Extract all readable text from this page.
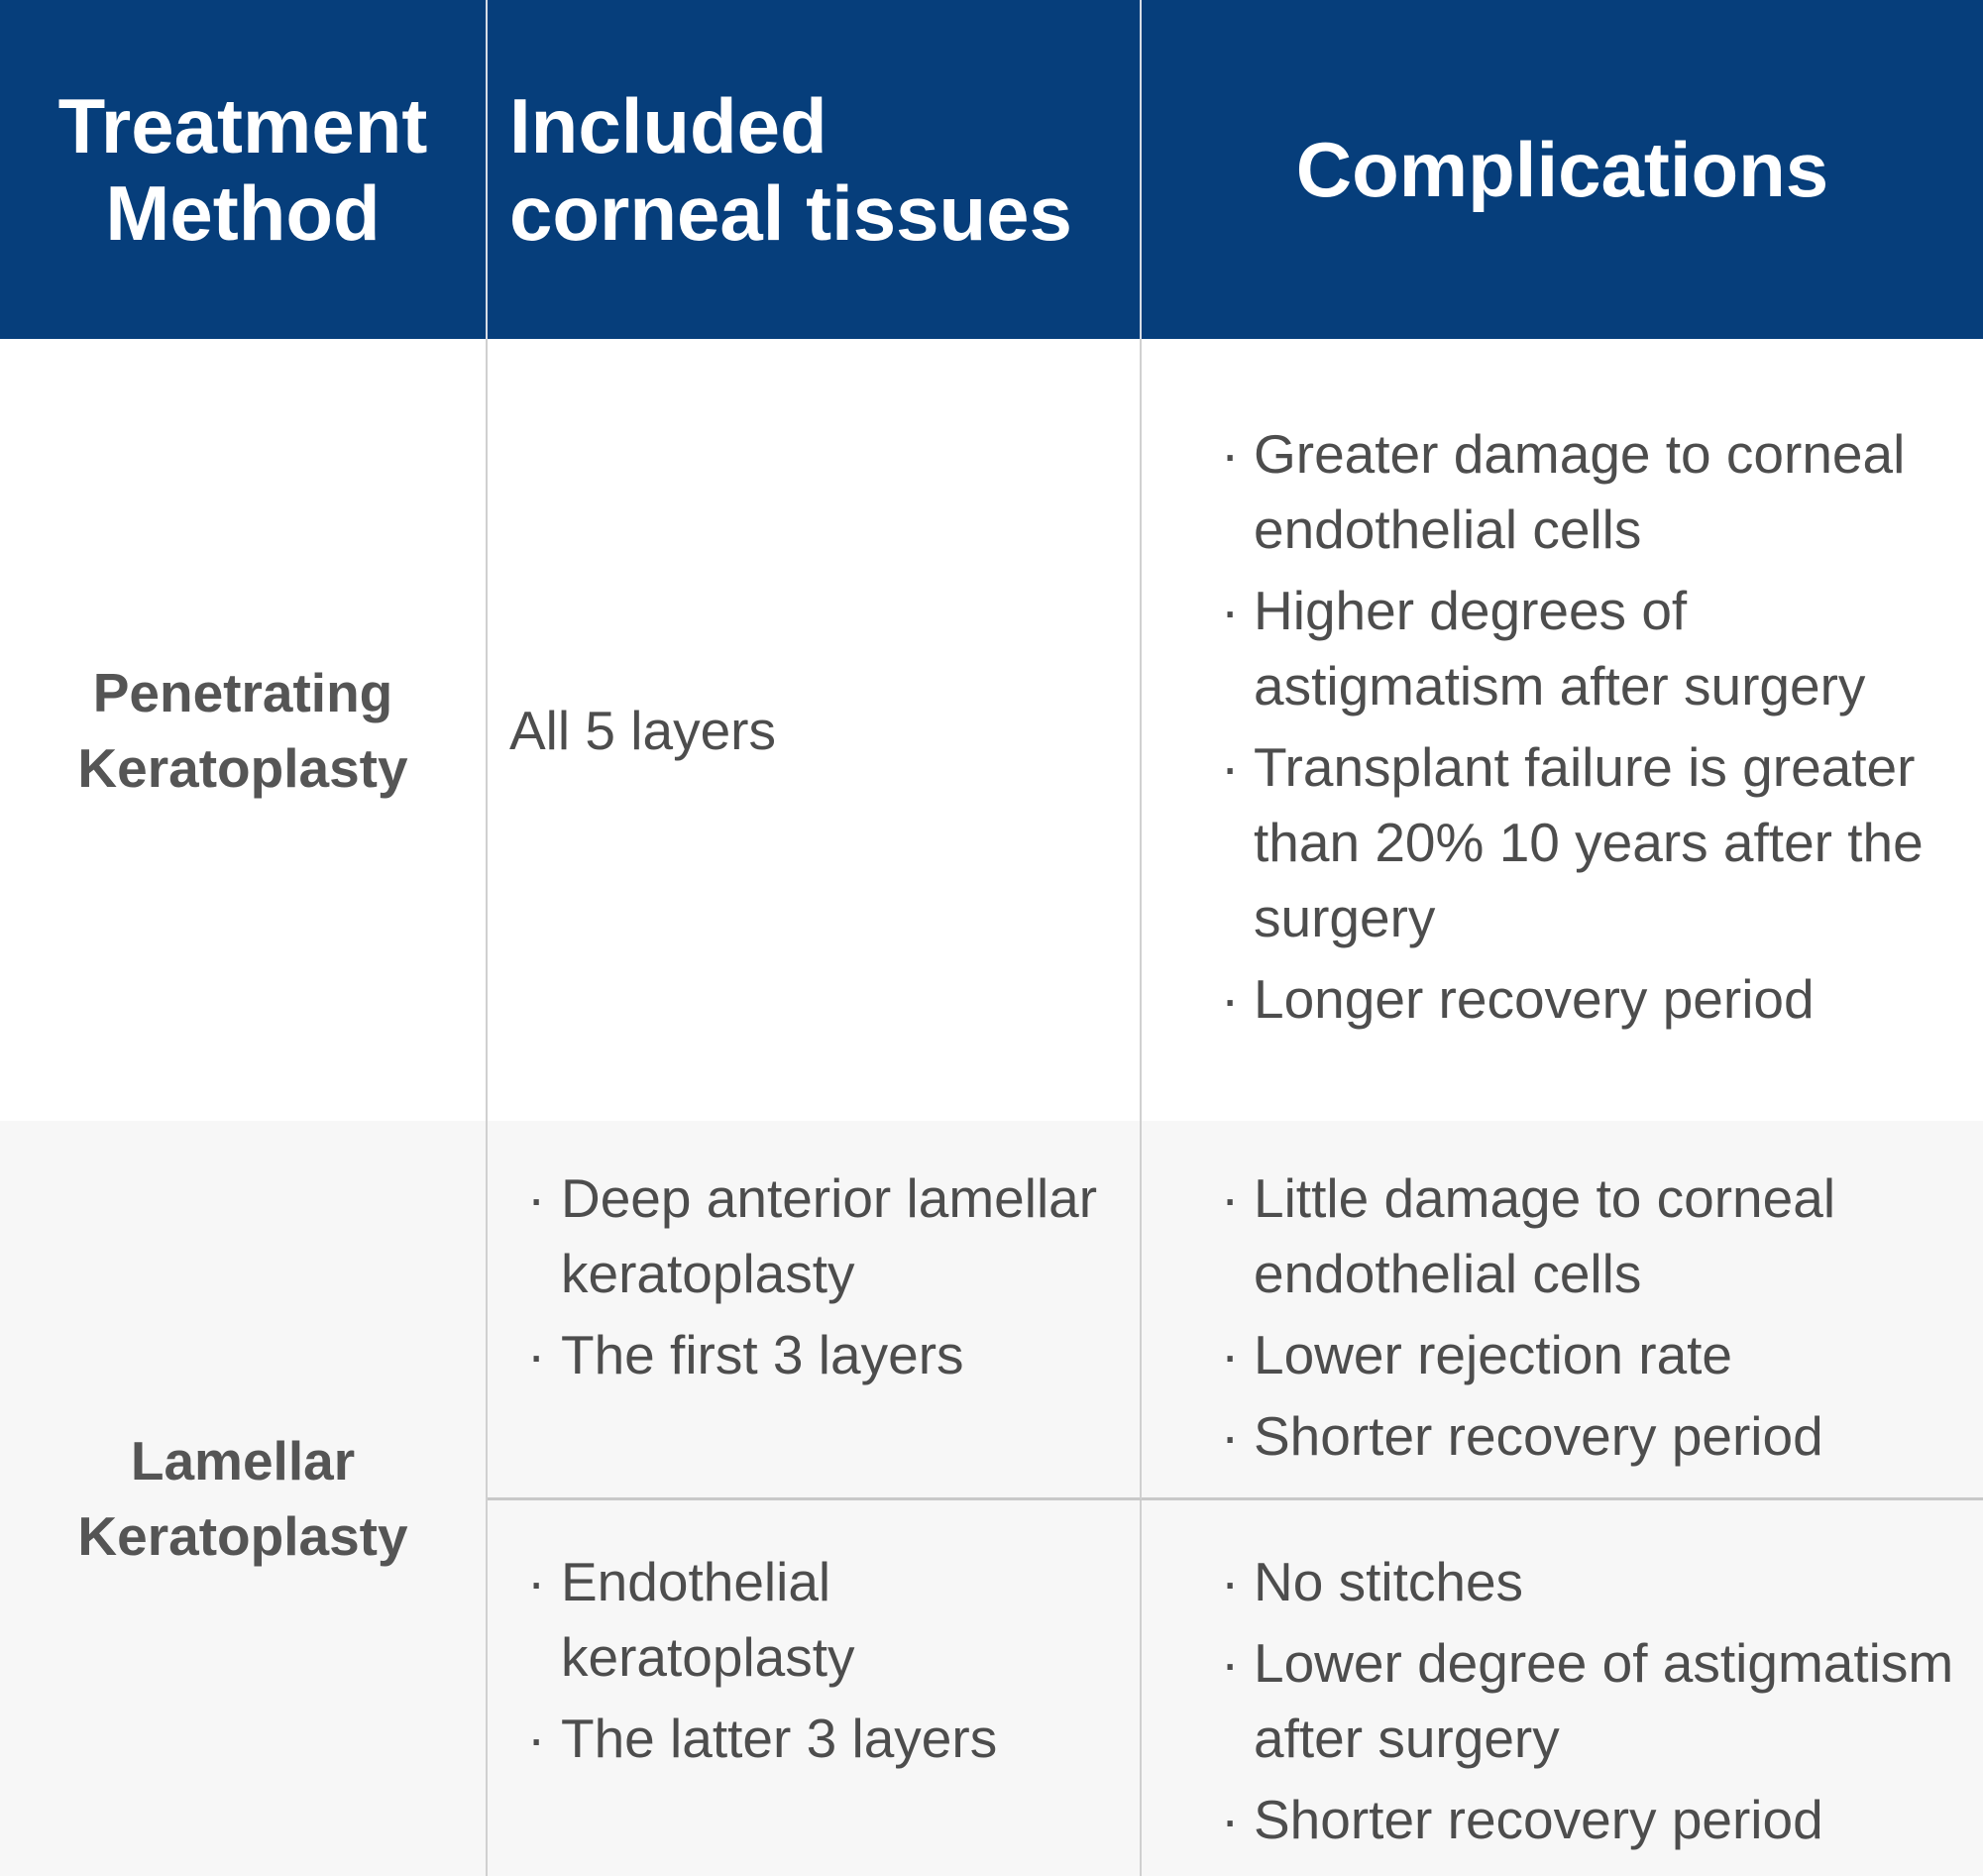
Treatment
Method
Included
corneal tissues	Complications
Penetrating
Keratoplasty
All 5 layers
· Greater damage to corneal endothelial cells
· Higher degrees of astigmatism after surgery
· Transplant failure is greater than 20% 10 years after the surgery
· Longer recovery period
Lamellar
Keratoplasty
· Deep anterior lamellar keratoplasty
· The first 3 layers
· Little damage to corneal endothelial cells
· Lower rejection rate
· Shorter recovery period
· Endothelial keratoplasty
· The latter 3 layers
· No stitches
· Lower degree of astigmatism after surgery
· Shorter recovery period
